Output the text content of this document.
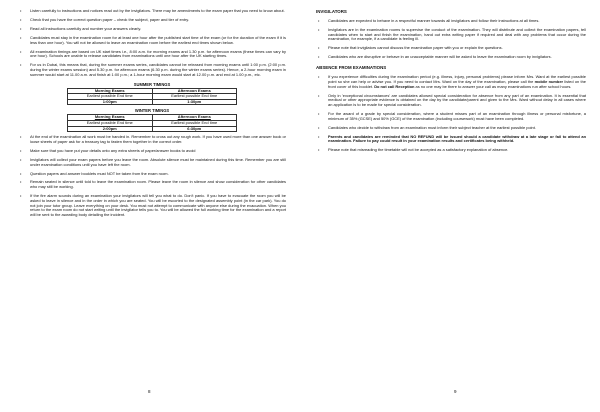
• Listen carefully to instructions and notices read out by the invigilators. There may be amendments to the exam paper that you need to know about.
• Check that you have the correct question paper – check the subject, paper and tier of entry.
• Read all instructions carefully and number your answers clearly.
• Candidates must stay in the examination room for at least one hour after the published start time of the exam (or for the duration of the exam if it is less than one hour). You will not be allowed to leave an examination room before the earliest end times shown below.
• All examination timings are based on UK start times i.e., 8:00 a.m. for morning exams and 1.30 p.m. for afternoon exams (these times can vary by one hour). Schools are unable to release candidates from examinations until one hour after the UK starting times.
• For us in Dubai, this means that, during the summer exams series, candidates cannot be released from morning exams until 1:00 p.m. (2:00 p.m. during the winter exams session) and 5.30 p.m. for afternoon exams (6.30 p.m. during the winter exams series). Hence, a 2-hour morning exam in summer would start at 11.00 a.m. and finish at 1:00 p.m.; a 1-hour morning exam would start at 12.00 p.m. and end at 1.00 p.m., etc.
SUMMER TIMINGS
Morning Exams	Afternoon Exams
Earliest possible End time	Earliest possible End time
1:00pm	1:30pm
WINTER TIMINGS
Morning Exams	Afternoon Exams
Earliest possible End time	Earliest possible End time
2:00pm	6:30pm
• At the end of the examination all work must be handed in. Remember to cross out any rough work. If you have used more than one answer book or loose sheets of paper ask for a treasury tag to fasten them together in the correct order.
• Make sure that you have put your details onto any extra sheets of paper/answer books to avoid
• Invigilators will collect your exam papers before you leave the room. Absolute silence must be maintained during this time. Remember you are still under examination conditions until you have left the room.
• Question papers and answer booklets must NOT be taken from the exam room.
• Remain seated in silence until told to leave the examination room. Please leave the room in silence and show consideration for other candidates who may still be working.
• If the fire alarm sounds during an examination your invigilators will tell you what to do. Don't panic. If you have to evacuate the room you will be asked to leave in silence and in the order in which you are seated. You will be escorted to the designated assembly point (in the car park). You do not join your tutor group. Leave everything on your desk. You must not attempt to communicate with anyone else during the evacuation. When you return to the exam room do not start writing until the invigilator tells you to. You will be allowed the full working time for the examination and a report will be sent to the awarding body detailing the incident.
8
INVIGILATORS
• Candidates are expected to behave in a respectful manner towards all invigilators and follow their instructions at all times.
• Invigilators are in the examination rooms to supervise the conduct of the examination. They will distribute and collect the examination papers, tell candidates when to start and finish the examination, hand out extra writing paper if required and deal with any problems that occur during the examination, for example, if a candidate is feeling ill.
• Please note that invigilators cannot discuss the examination paper with you or explain the questions.
• Candidates who are disruptive or behave in an unacceptable manner will be asked to leave the examination room by invigilators.
ABSENCE FROM EXAMINATIONS
• If you experience difficulties during the examination period (e.g. illness, injury, personal problems) please inform Mrs. Ward at the earliest possible point so she can help or advise you. If you need to contact Mrs. Ward on the day of the examination, please call the mobile number listed on the front cover of this booklet. Do not call Reception as no one may be there to answer your call as many examinations run after school hours.
• Only in 'exceptional circumstances' are candidates allowed special consideration for absence from any part of an examination. It is essential that medical or other appropriate evidence is obtained on the day by the candidate/parent and given to the Mrs. Ward without delay in all cases where an application is to be made for special consideration.
• For the award of a grade by special consideration, where a student misses part of an examination through illness or personal misfortune, a minimum of 35% (GCSE) and 50% (GCE) of the examination (including coursework) must have been completed.
• Candidates who decide to withdraw from an examination must inform their subject teacher at the earliest possible point.
• Parents and candidates are reminded that NO REFUND will be issued should a candidate withdraw at a late stage or fail to attend an examination. Failure to pay could result in your examination results and certificates being withheld.
• Please note that misreading the timetable will not be accepted as a satisfactory explanation of absence.
9
